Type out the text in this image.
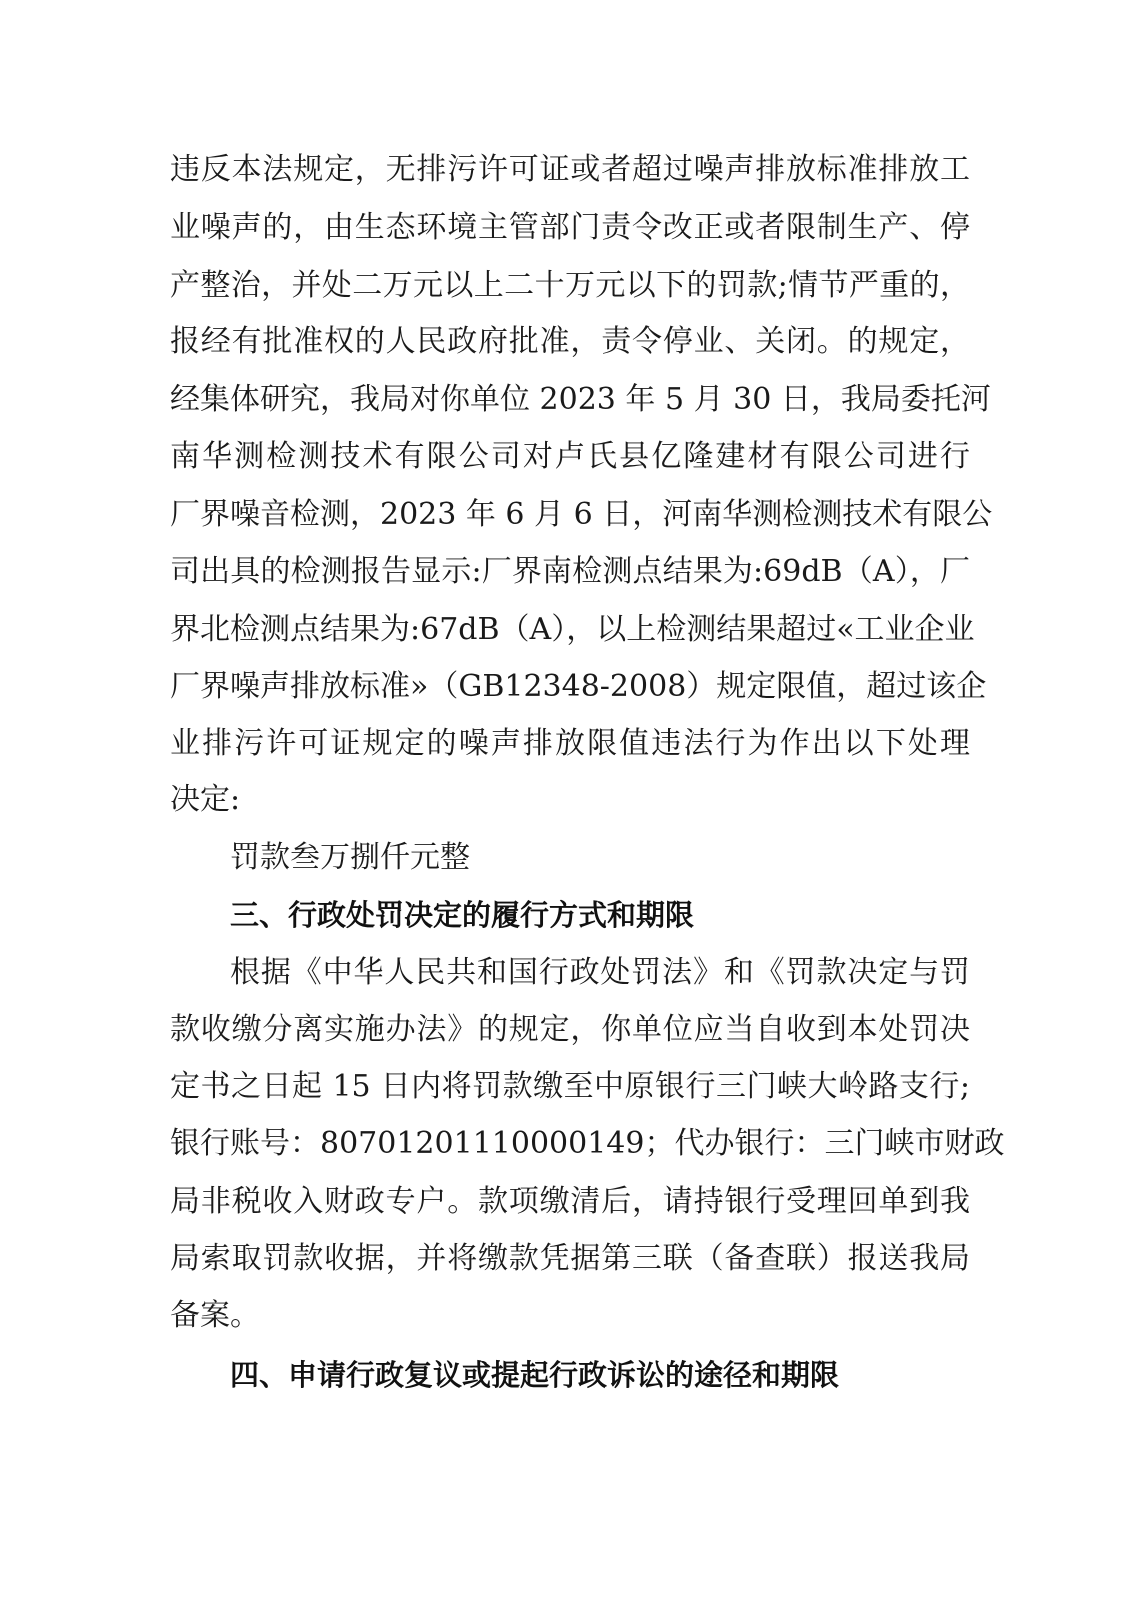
违反本法规定，无排污许可证或者超过噪声排放标准排放工
业噪声的，由生态环境主管部门责令改正或者限制生产、停
产整治，并处二万元以上二十万元以下的罚款;情节严重的，
报经有批准权的人民政府批准，责令停业、关闭。的规定，
经集体研究，我局对你单位 2023 年 5 月 30 日，我局委托河
南华测检测技术有限公司对卢氏县亿隆建材有限公司进行
厂界噪音检测，2023 年 6 月 6 日，河南华测检测技术有限公
司出具的检测报告显示:厂界南检测点结果为:69dB（A），厂
界北检测点结果为:67dB（A），以上检测结果超过«工业企业
厂界噪声排放标准»（GB12348-2008）规定限值，超过该企
业排污许可证规定的噪声排放限值违法行为作出以下处理
决定:
罚款叁万捌仟元整
三、行政处罚决定的履行方式和期限
根据《中华人民共和国行政处罚法》和《罚款决定与罚
款收缴分离实施办法》的规定，你单位应当自收到本处罚决
定书之日起 15 日内将罚款缴至中原银行三门峡大岭路支行;
银行账号：80701201110000149；代办银行：三门峡市财政
局非税收入财政专户。款项缴清后，请持银行受理回单到我
局索取罚款收据，并将缴款凭据第三联（备查联）报送我局
备案。
四、申请行政复议或提起行政诉讼的途径和期限
